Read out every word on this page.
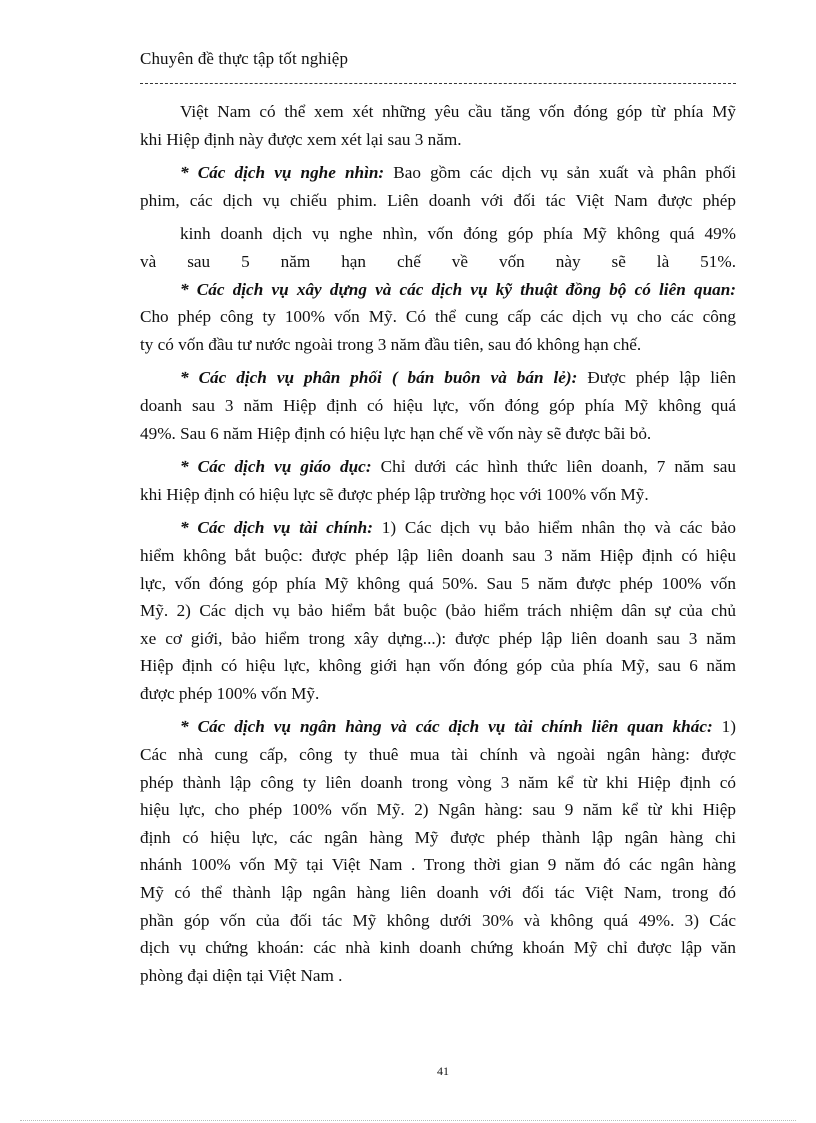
Chuyên đề thực tập tốt nghiệp
Việt Nam có thể xem xét những yêu cầu tăng vốn đóng góp từ phía Mỹ
khi Hiệp định này được xem xét lại sau 3 năm.
* Các dịch vụ nghe nhìn: Bao gồm các dịch vụ sản xuất và phân phối
phim, các dịch vụ chiếu phim. Liên doanh với đối tác Việt Nam được phép
kinh doanh dịch vụ nghe nhìn, vốn đóng góp phía Mỹ không quá 49%
và sau 5 năm hạn chế về vốn này sẽ là 51%.
* Các dịch vụ xây dựng và các dịch vụ kỹ thuật đồng bộ có liên quan:
Cho phép công ty 100% vốn Mỹ. Có thể cung cấp các dịch vụ cho các công
ty có vốn đầu tư nước ngoài trong 3 năm đầu tiên, sau đó không hạn chế.
* Các dịch vụ phân phối ( bán buôn và bán lẻ): Được phép lập liên
doanh sau 3 năm Hiệp định có hiệu lực, vốn đóng góp phía Mỹ không quá
49%. Sau 6 năm Hiệp định có hiệu lực hạn chế về vốn này sẽ được bãi bỏ.
* Các dịch vụ giáo dục: Chỉ dưới các hình thức liên doanh, 7 năm sau
khi Hiệp định có hiệu lực sẽ được phép lập trường học với 100% vốn Mỹ.
* Các dịch vụ tài chính: 1) Các dịch vụ bảo hiểm nhân thọ và các bảo
hiểm không bắt buộc: được phép lập liên doanh sau 3 năm Hiệp định có hiệu
lực, vốn đóng góp phía Mỹ không quá 50%. Sau 5 năm được phép 100% vốn
Mỹ. 2) Các dịch vụ bảo hiểm bắt buộc (bảo hiểm trách nhiệm dân sự của chủ
xe cơ giới, bảo hiểm trong xây dựng...): được phép lập liên doanh sau 3 năm
Hiệp định có hiệu lực, không giới hạn vốn đóng góp của phía Mỹ, sau 6 năm
được phép 100% vốn Mỹ.
* Các dịch vụ ngân hàng và các dịch vụ tài chính liên quan khác: 1)
Các nhà cung cấp, công ty thuê mua tài chính và ngoài ngân hàng: được
phép thành lập công ty liên doanh trong vòng 3 năm kể từ khi Hiệp định có
hiệu lực, cho phép 100% vốn Mỹ. 2) Ngân hàng: sau 9 năm kể từ khi Hiệp
định có hiệu lực, các ngân hàng Mỹ được phép thành lập ngân hàng chi
nhánh 100% vốn Mỹ tại Việt Nam . Trong thời gian 9 năm đó các ngân hàng
Mỹ có thể thành lập ngân hàng liên doanh với đối tác Việt Nam, trong đó
phần góp vốn của đối tác Mỹ không dưới 30% và không quá 49%. 3) Các
dịch vụ chứng khoán: các nhà kinh doanh chứng khoán Mỹ chỉ được lập văn
phòng đại diện tại Việt Nam .
41
